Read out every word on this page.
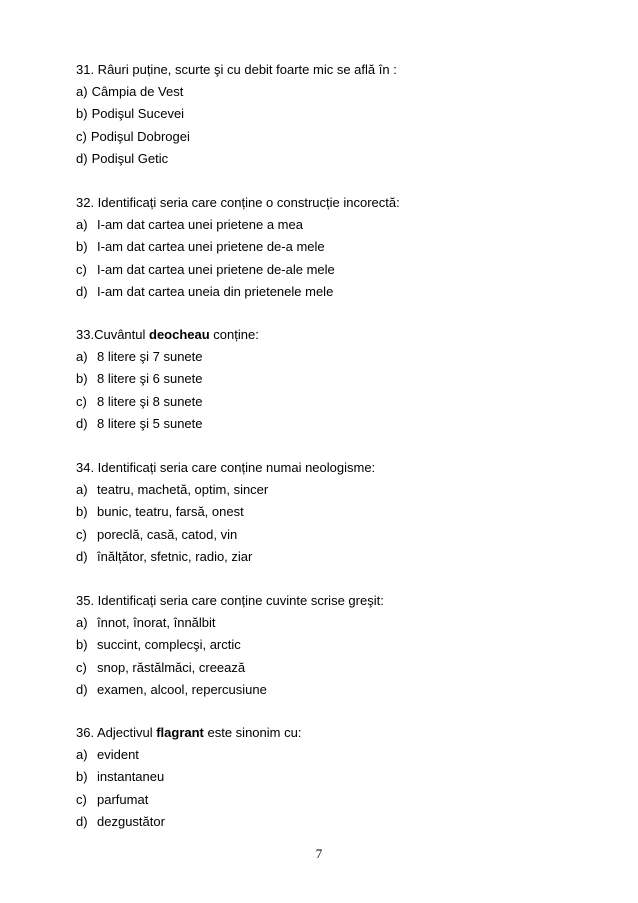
31. Râuri puține, scurte şi cu debit foarte mic se află în :
a) Câmpia de Vest
b) Podişul Sucevei
c) Podişul Dobrogei
d) Podişul Getic
32. Identificați seria care conține o construcție incorectă:
a) I-am dat cartea unei prietene a mea
b) I-am dat cartea unei prietene de-a mele
c) I-am dat cartea unei prietene de-ale mele
d) I-am dat cartea uneia din prietenele mele
33.Cuvântul deocheau conține:
a) 8 litere şi 7 sunete
b) 8 litere şi 6 sunete
c) 8 litere şi 8 sunete
d) 8 litere şi 5 sunete
34. Identificați seria care conține numai neologisme:
a) teatru, machetă, optim, sincer
b) bunic, teatru, farsă, onest
c) poreclă, casă, catod, vin
d) înălțător, sfetnic, radio, ziar
35. Identificați seria care conține cuvinte scrise greşit:
a) înnot, înorat, înnălbit
b) succint, complecşi, arctic
c) snop, răstălmăci, creează
d) examen, alcool, repercusiune
36. Adjectivul flagrant este sinonim cu:
a) evident
b) instantaneu
c) parfumat
d) dezgustător
7
